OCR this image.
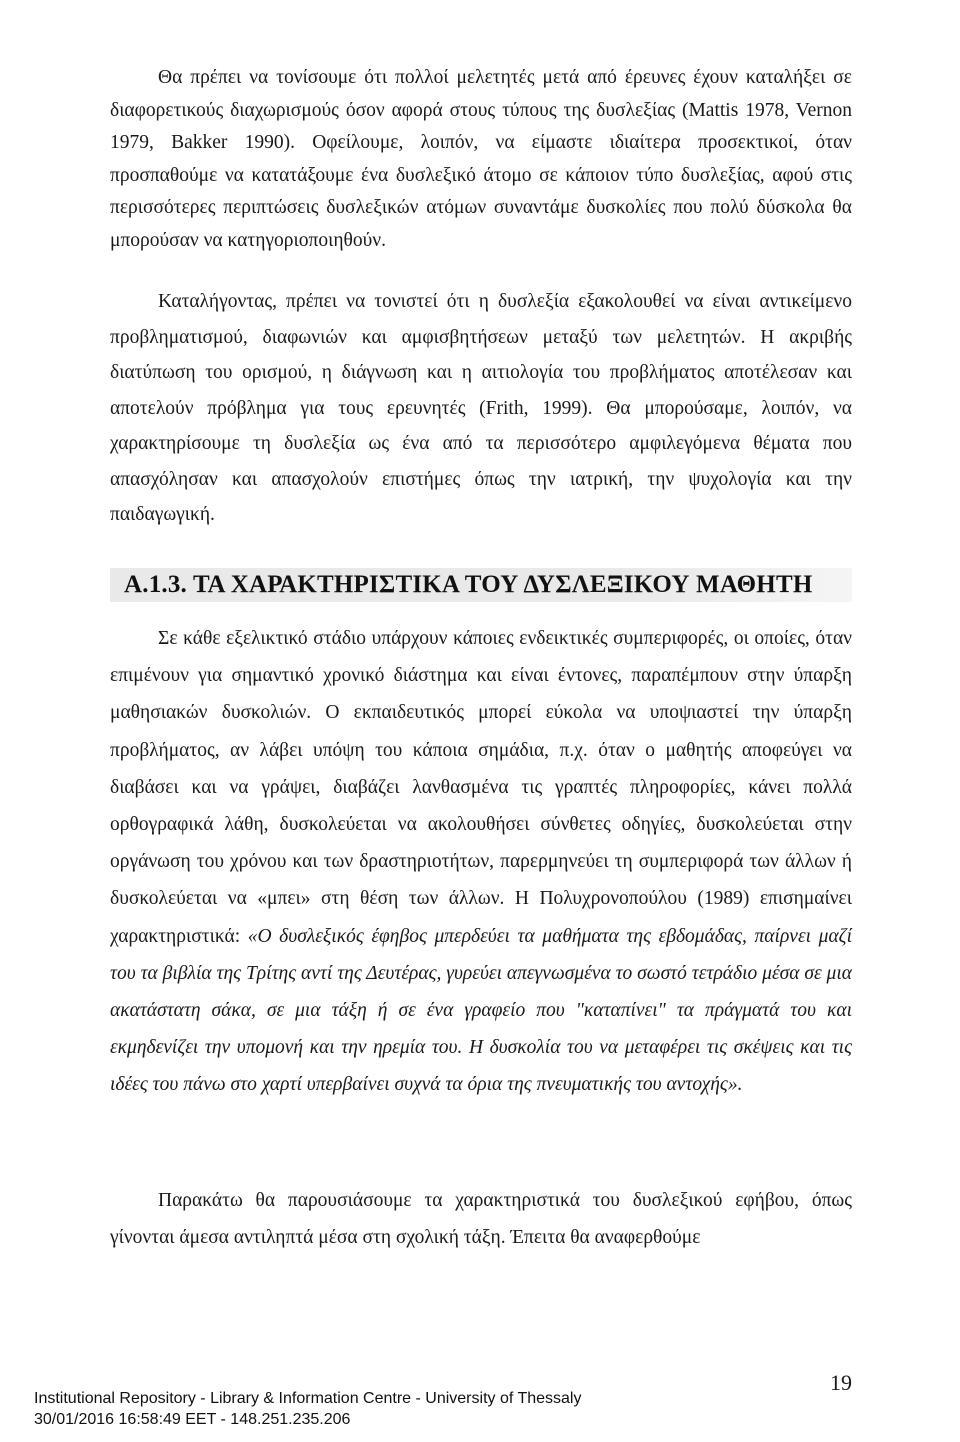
Θα πρέπει να τονίσουμε ότι πολλοί μελετητές μετά από έρευνες έχουν καταλήξει σε διαφορετικούς διαχωρισμούς όσον αφορά στους τύπους της δυσλεξίας (Mattis 1978, Vernon 1979, Bakker 1990). Οφείλουμε, λοιπόν, να είμαστε ιδιαίτερα προσεκτικοί, όταν προσπαθούμε να κατατάξουμε ένα δυσλεξικό άτομο σε κάποιον τύπο δυσλεξίας, αφού στις περισσότερες περιπτώσεις δυσλεξικών ατόμων συναντάμε δυσκολίες που πολύ δύσκολα θα μπορούσαν να κατηγοριοποιηθούν.

Καταλήγοντας, πρέπει να τονιστεί ότι η δυσλεξία εξακολουθεί να είναι αντικείμενο προβληματισμού, διαφωνιών και αμφισβητήσεων μεταξύ των μελετητών. Η ακριβής διατύπωση του ορισμού, η διάγνωση και η αιτιολογία του προβλήματος αποτέλεσαν και αποτελούν πρόβλημα για τους ερευνητές (Frith, 1999). Θα μπορούσαμε, λοιπόν, να χαρακτηρίσουμε τη δυσλεξία ως ένα από τα περισσότερο αμφιλεγόμενα θέματα που απασχόλησαν και απασχολούν επιστήμες όπως την ιατρική, την ψυχολογία και την παιδαγωγική.

Α.1.3. ΤΑ ΧΑΡΑΚΤΗΡΙΣΤΙΚΑ ΤΟΥ ΔΥΣΛΕΞΙΚΟΥ ΜΑΘΗΤΗ

Σε κάθε εξελικτικό στάδιο υπάρχουν κάποιες ενδεικτικές συμπεριφορές, οι οποίες, όταν επιμένουν για σημαντικό χρονικό διάστημα και είναι έντονες, παραπέμπουν στην ύπαρξη μαθησιακών δυσκολιών. Ο εκπαιδευτικός μπορεί εύκολα να υποψιαστεί την ύπαρξη προβλήματος, αν λάβει υπόψη του κάποια σημάδια, π.χ. όταν ο μαθητής αποφεύγει να διαβάσει και να γράψει, διαβάζει λανθασμένα τις γραπτές πληροφορίες, κάνει πολλά ορθογραφικά λάθη, δυσκολεύεται να ακολουθήσει σύνθετες οδηγίες, δυσκολεύεται στην οργάνωση του χρόνου και των δραστηριοτήτων, παρερμηνεύει τη συμπεριφορά των άλλων ή δυσκολεύεται να «μπει» στη θέση των άλλων. Η Πολυχρονοπούλου (1989) επισημαίνει χαρακτηριστικά: «Ο δυσλεξικός έφηβος μπερδεύει τα μαθήματα της εβδομάδας, παίρνει μαζί του τα βιβλία της Τρίτης αντί της Δευτέρας, γυρεύει απεγνωσμένα το σωστό τετράδιο μέσα σε μια ακατάστατη σάκα, σε μια τάξη ή σε ένα γραφείο που "καταπίνει" τα πράγματά του και εκμηδενίζει την υπομονή και την ηρεμία του. Η δυσκολία του να μεταφέρει τις σκέψεις και τις ιδέες του πάνω στο χαρτί υπερβαίνει συχνά τα όρια της πνευματικής του αντοχής».

Παρακάτω θα παρουσιάσουμε τα χαρακτηριστικά του δυσλεξικού εφήβου, όπως γίνονται άμεσα αντιληπτά μέσα στη σχολική τάξη. Έπειτα θα αναφερθούμε

19
Institutional Repository - Library & Information Centre - University of Thessaly
30/01/2016 16:58:49 EET - 148.251.235.206
